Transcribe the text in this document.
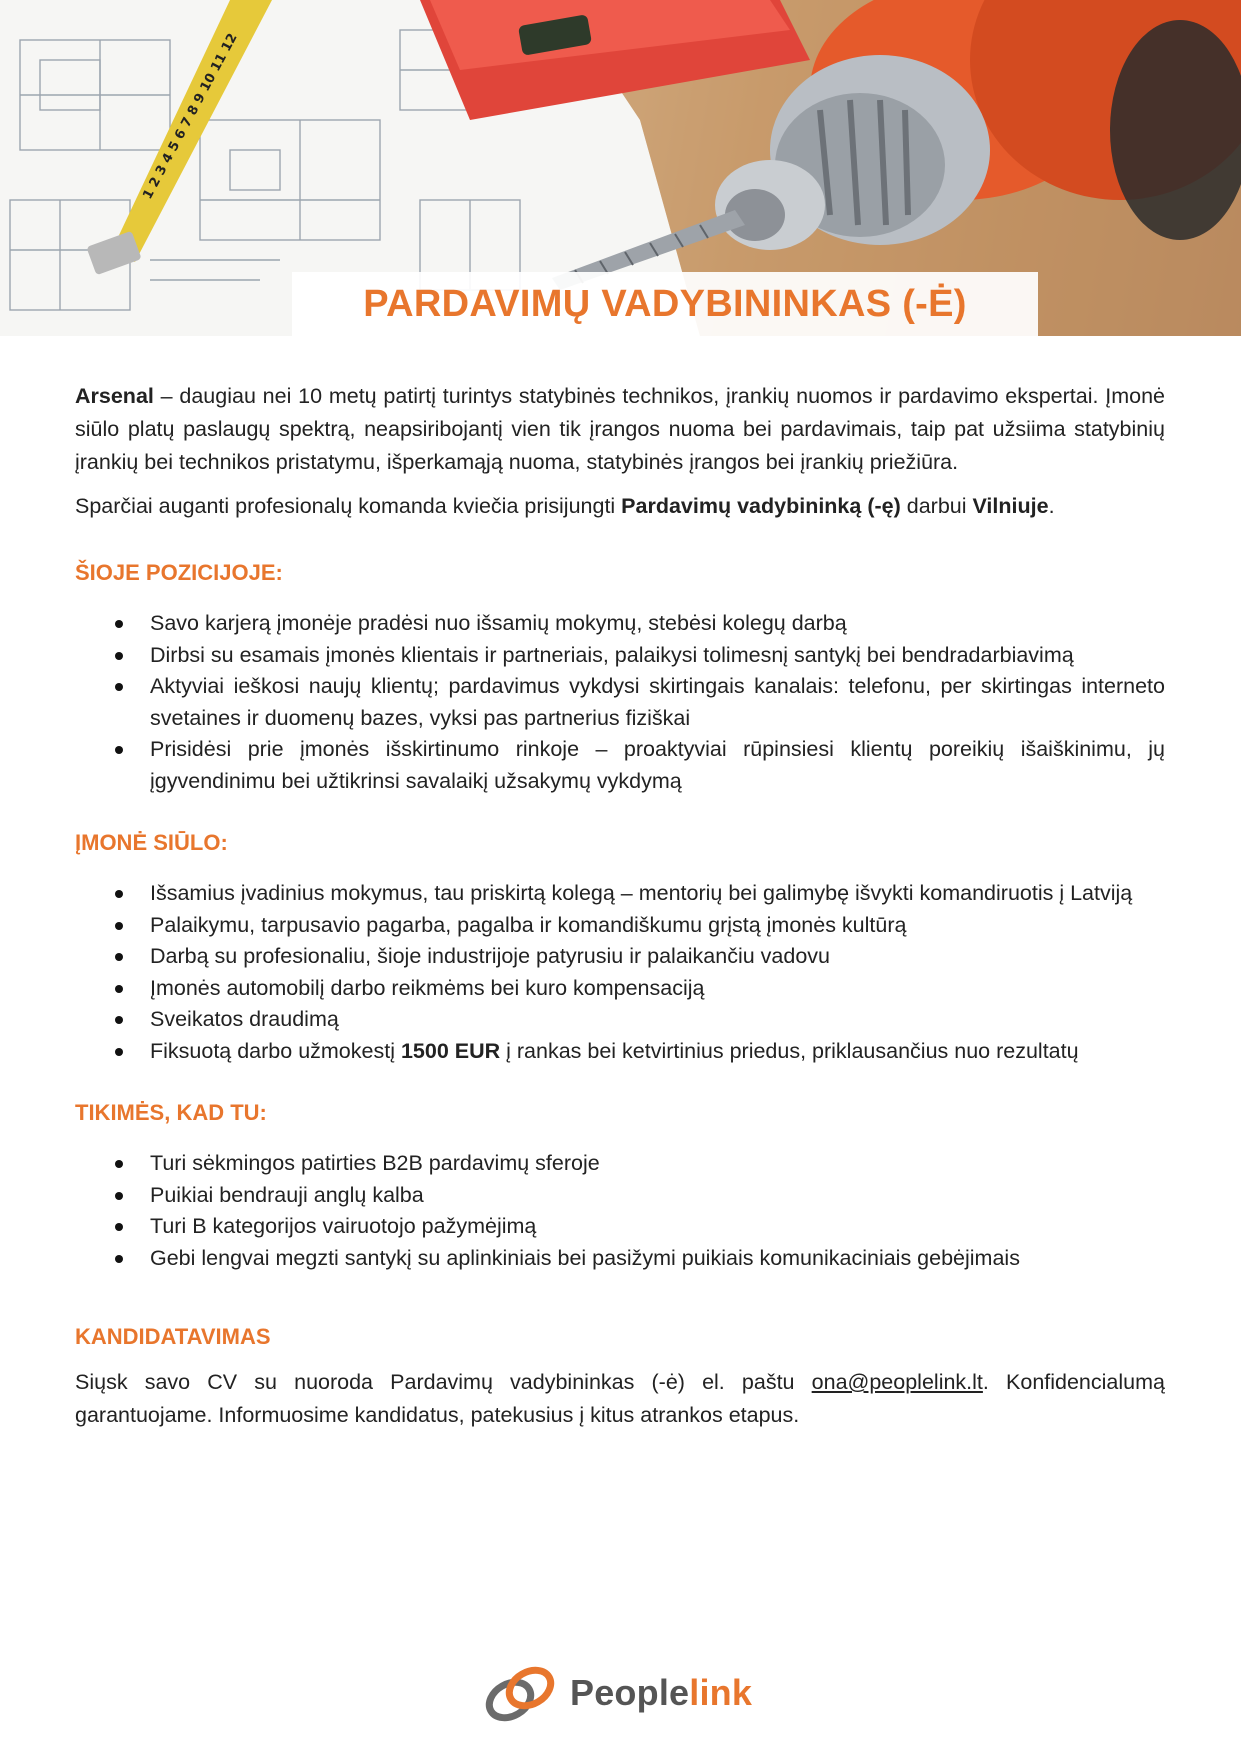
1 2 3 4 5 6 7 8 9 10 11 12
PARDAVIMŲ VADYBININKAS (-Ė)

Arsenal – daugiau nei 10 metų patirtį turintys statybinės technikos, įrankių nuomos ir pardavimo ekspertai. Įmonė siūlo platų paslaugų spektrą, neapsiribojantį vien tik įrangos nuoma bei pardavimais, taip pat užsiima statybinių įrankių bei technikos pristatymu, išperkamąją nuoma, statybinės įrangos bei įrankių priežiūra.

Sparčiai auganti profesionalų komanda kviečia prisijungti Pardavimų vadybininką (-ę) darbui Vilniuje.

ŠIOJE POZICIJOJE:
Savo karjerą įmonėje pradėsi nuo išsamių mokymų, stebėsi kolegų darbą
Dirbsi su esamais įmonės klientais ir partneriais, palaikysi tolimesnį santykį bei bendradarbiavimą
Aktyviai ieškosi naujų klientų; pardavimus vykdysi skirtingais kanalais: telefonu, per skirtingas interneto svetaines ir duomenų bazes, vyksi pas partnerius fiziškai
Prisidėsi prie įmonės išskirtinumo rinkoje – proaktyviai rūpinsiesi klientų poreikių išaiškinimu, jų įgyvendinimu bei užtikrinsi savalaikį užsakymų vykdymą
ĮMONĖ SIŪLO:
Išsamius įvadinius mokymus, tau priskirtą kolegą – mentorių bei galimybę išvykti komandiruotis į Latviją
Palaikymu, tarpusavio pagarba, pagalba ir komandiškumu grįstą įmonės kultūrą
Darbą su profesionaliu, šioje industrijoje patyrusiu ir palaikančiu vadovu
Įmonės automobilį darbo reikmėms bei kuro kompensaciją
Sveikatos draudimą
Fiksuotą darbo užmokestį 1500 EUR į rankas bei ketvirtinius priedus, priklausančius nuo rezultatų
TIKIMĖS, KAD TU:
Turi sėkmingos patirties B2B pardavimų sferoje
Puikiai bendrauji anglų kalba
Turi B kategorijos vairuotojo pažymėjimą
Gebi lengvai megzti santykį su aplinkiniais bei pasižymi puikiais komunikaciniais gebėjimais
KANDIDATAVIMAS

Siųsk savo CV su nuoroda Pardavimų vadybininkas (-ė) el. paštu ona@peoplelink.lt. Konfidencialumą garantuojame. Informuosime kandidatus, patekusius į kitus atrankos etapus.

Peoplelink
